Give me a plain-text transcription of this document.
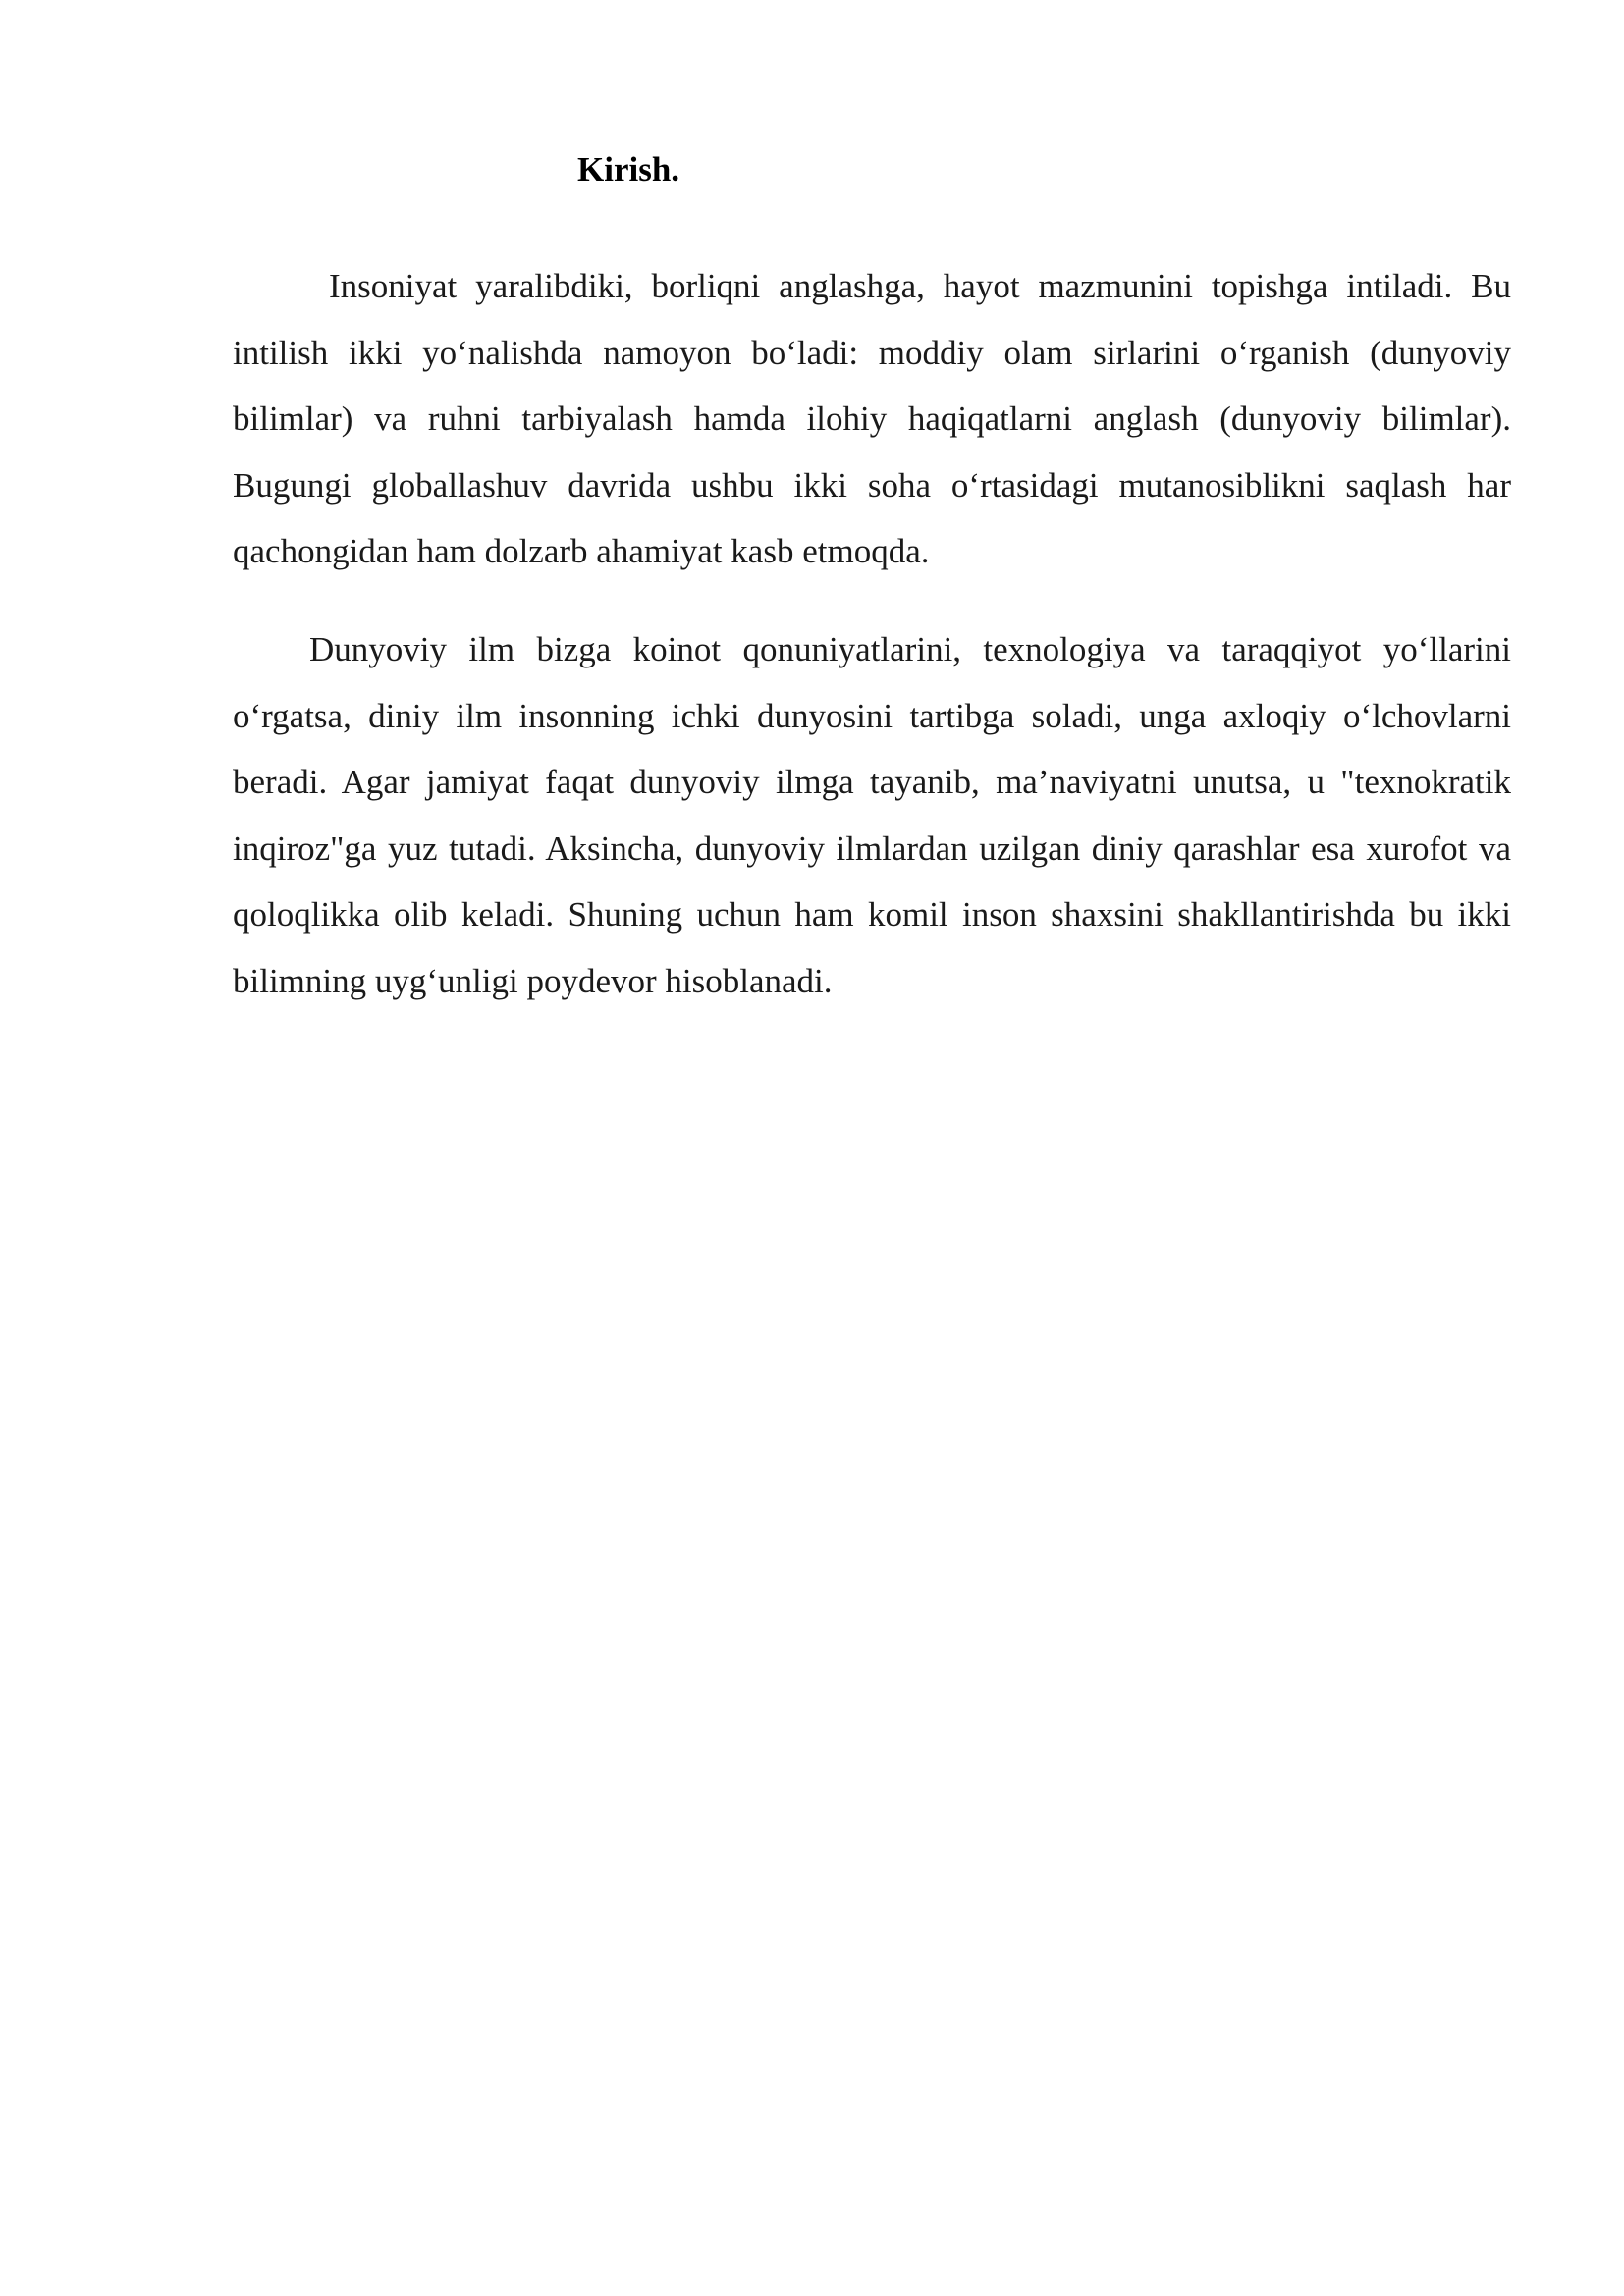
Kirish.

Insoniyat yaralibdiki, borliqni anglashga, hayot mazmunini topishga intiladi. Bu intilish ikki yo‘nalishda namoyon bo‘ladi: moddiy olam sirlarini o‘rganish (dunyoviy bilimlar) va ruhni tarbiyalash hamda ilohiy haqiqatlarni anglash (dunyoviy bilimlar). Bugungi globallashuv davrida ushbu ikki soha o‘rtasidagi mutanosiblikni saqlash har qachongidan ham dolzarb ahamiyat kasb etmoqda.

Dunyoviy ilm bizga koinot qonuniyatlarini, texnologiya va taraqqiyot yo‘llarini o‘rgatsa, diniy ilm insonning ichki dunyosini tartibga soladi, unga axloqiy o‘lchovlarni beradi. Agar jamiyat faqat dunyoviy ilmga tayanib, ma’naviyatni unutsa, u "texnokratik inqiroz"ga yuz tutadi. Aksincha, dunyoviy ilmlardan uzilgan diniy qarashlar esa xurofot va qoloqlikka olib keladi. Shuning uchun ham komil inson shaxsini shakllantirishda bu ikki bilimning uyg‘unligi poydevor hisoblanadi.
